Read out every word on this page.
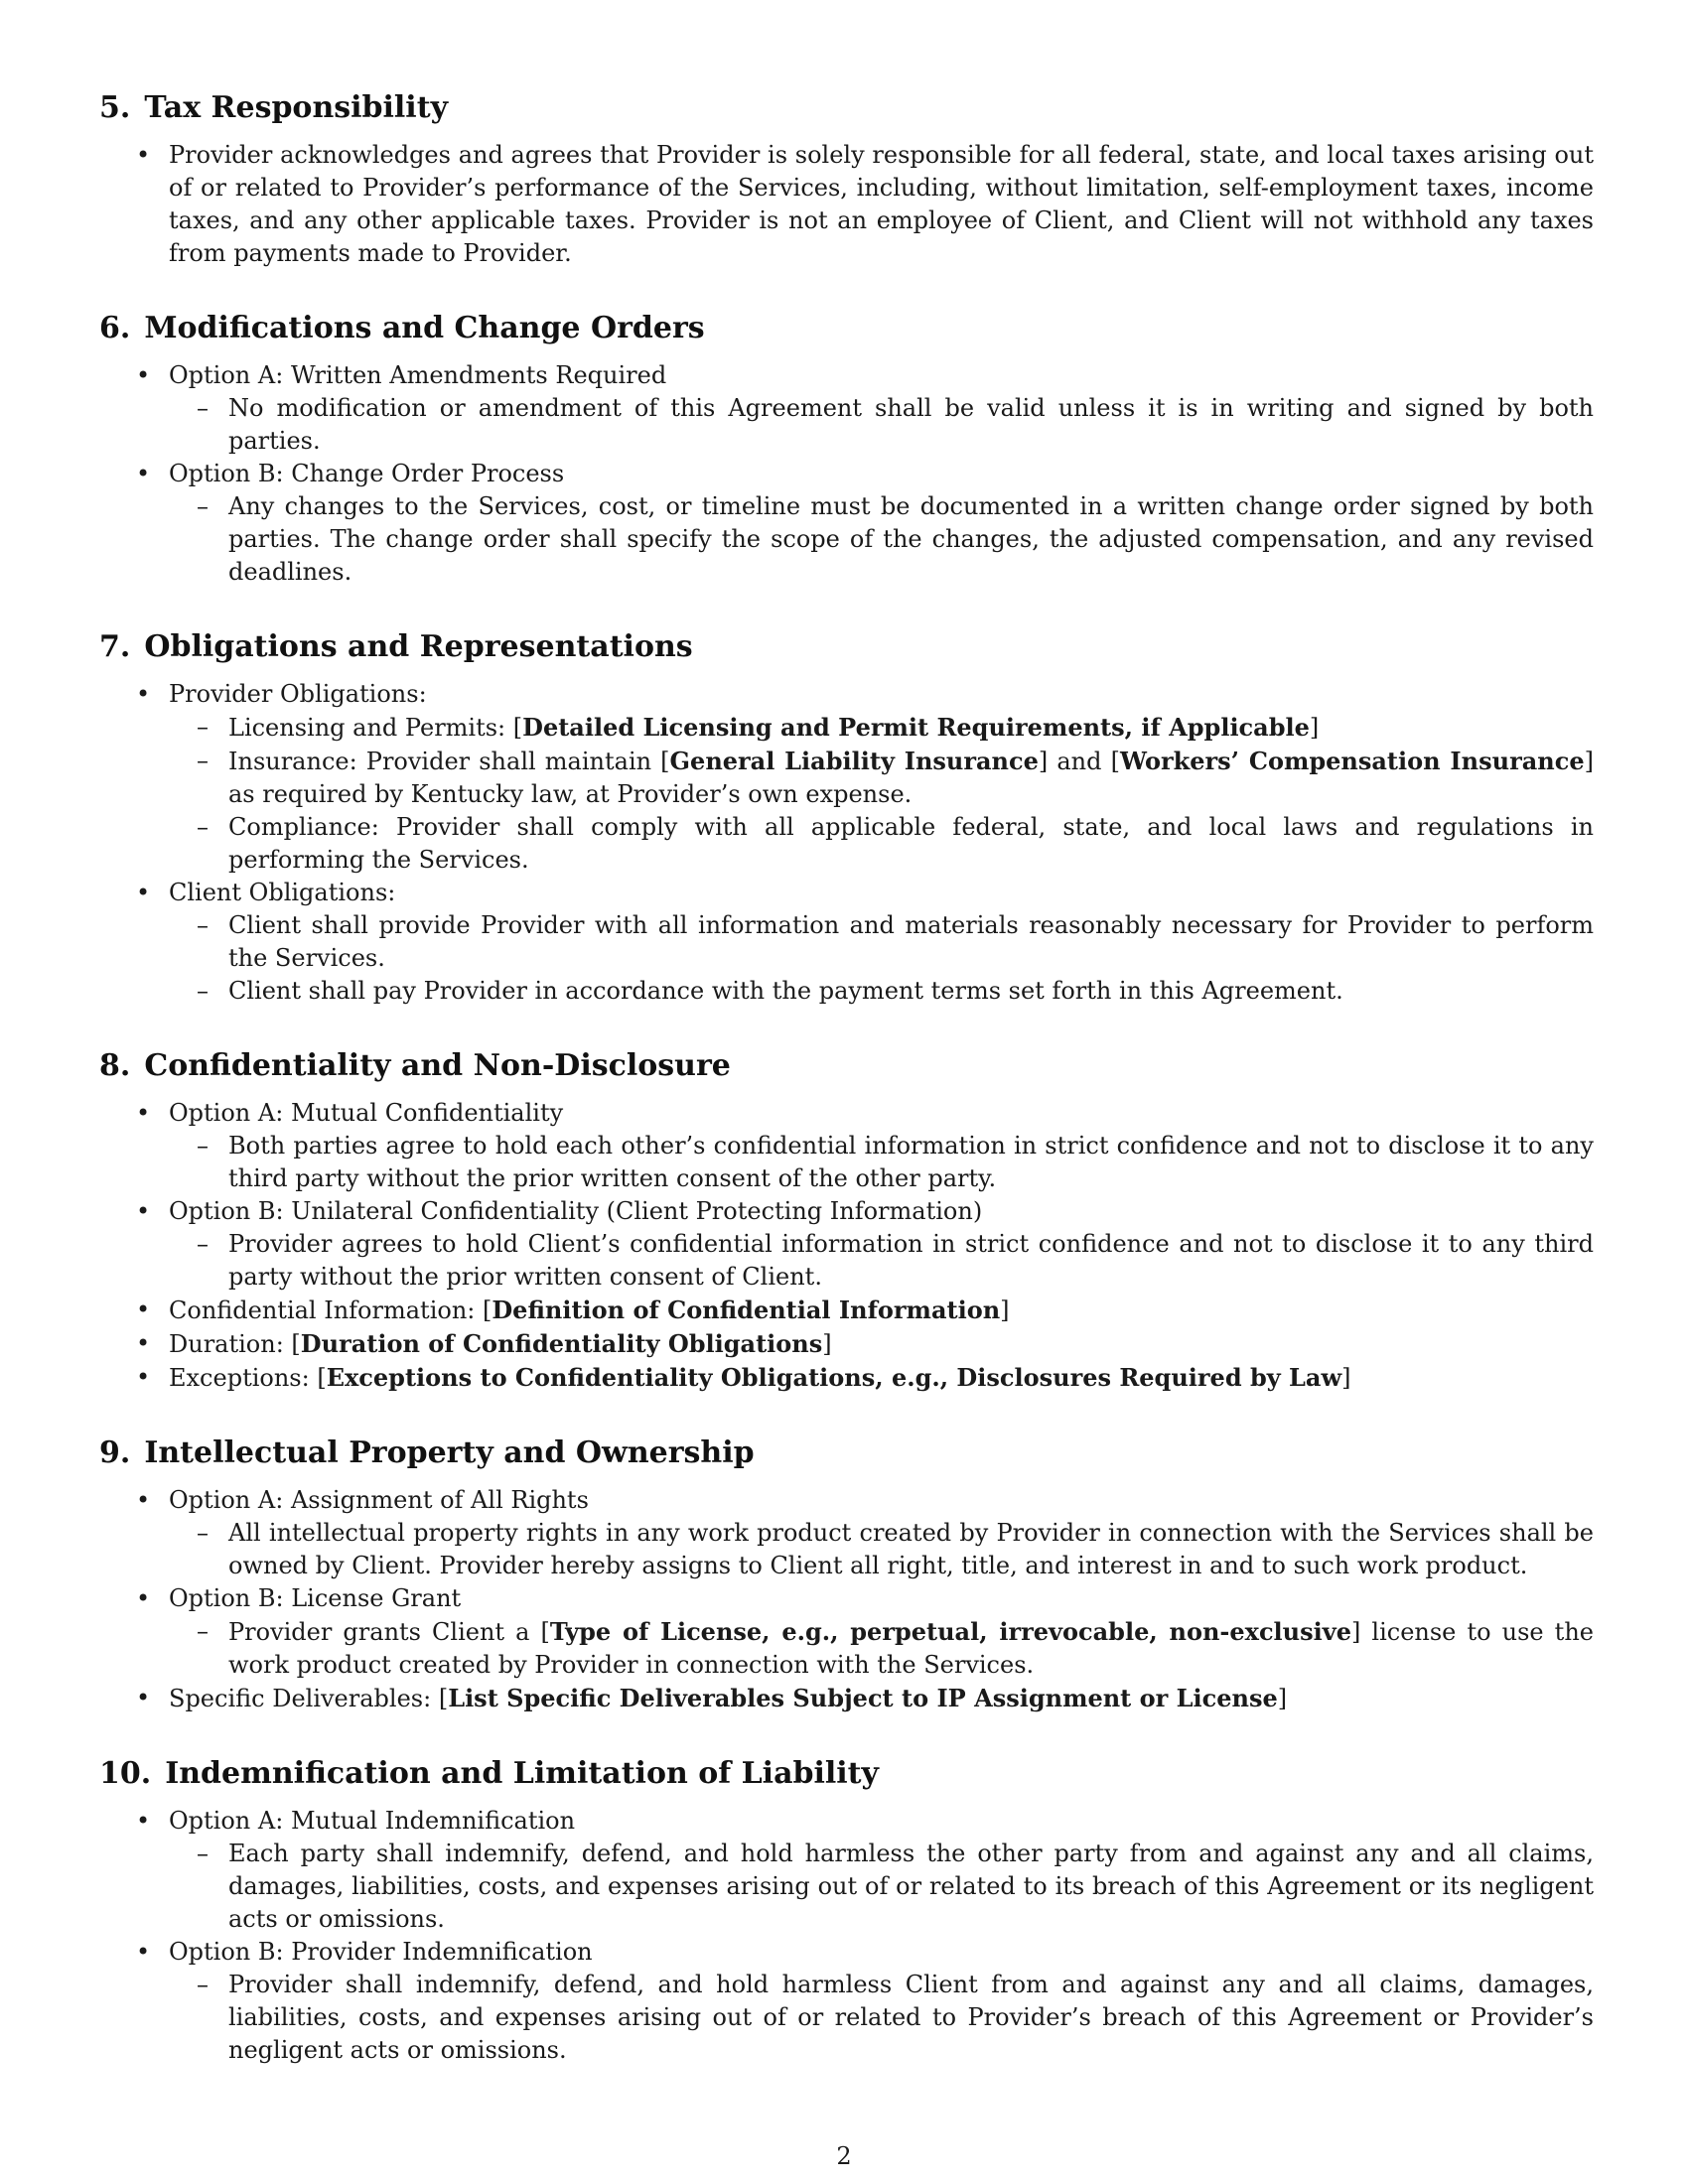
5. Tax Responsibility
• Provider acknowledges and agrees that Provider is solely responsible for all federal, state, and local taxes arising out of or related to Provider’s performance of the Services, including, without limitation, self-employment taxes, income taxes, and any other applicable taxes. Provider is not an employee of Client, and Client will not withhold any taxes from payments made to Provider.
6. Modifications and Change Orders
• Option A: Written Amendments Required
– No modification or amendment of this Agreement shall be valid unless it is in writing and signed by both parties.
• Option B: Change Order Process
– Any changes to the Services, cost, or timeline must be documented in a written change order signed by both parties. The change order shall specify the scope of the changes, the adjusted compensation, and any revised deadlines.
7. Obligations and Representations
• Provider Obligations:
– Licensing and Permits: [Detailed Licensing and Permit Requirements, if Applicable]
– Insurance: Provider shall maintain [General Liability Insurance] and [Workers’ Compensation Insurance] as required by Kentucky law, at Provider’s own expense.
– Compliance: Provider shall comply with all applicable federal, state, and local laws and regulations in performing the Services.
• Client Obligations:
– Client shall provide Provider with all information and materials reasonably necessary for Provider to perform the Services.
– Client shall pay Provider in accordance with the payment terms set forth in this Agreement.
8. Confidentiality and Non-Disclosure
• Option A: Mutual Confidentiality
– Both parties agree to hold each other’s confidential information in strict confidence and not to disclose it to any third party without the prior written consent of the other party.
• Option B: Unilateral Confidentiality (Client Protecting Information)
– Provider agrees to hold Client’s confidential information in strict confidence and not to disclose it to any third party without the prior written consent of Client.
• Confidential Information: [Definition of Confidential Information]
• Duration: [Duration of Confidentiality Obligations]
• Exceptions: [Exceptions to Confidentiality Obligations, e.g., Disclosures Required by Law]
9. Intellectual Property and Ownership
• Option A: Assignment of All Rights
– All intellectual property rights in any work product created by Provider in connection with the Services shall be owned by Client. Provider hereby assigns to Client all right, title, and interest in and to such work product.
• Option B: License Grant
– Provider grants Client a [Type of License, e.g., perpetual, irrevocable, non-exclusive] license to use the work product created by Provider in connection with the Services.
• Specific Deliverables: [List Specific Deliverables Subject to IP Assignment or License]
10. Indemnification and Limitation of Liability
• Option A: Mutual Indemnification
– Each party shall indemnify, defend, and hold harmless the other party from and against any and all claims, damages, liabilities, costs, and expenses arising out of or related to its breach of this Agreement or its negligent acts or omissions.
• Option B: Provider Indemnification
– Provider shall indemnify, defend, and hold harmless Client from and against any and all claims, damages, liabilities, costs, and expenses arising out of or related to Provider’s breach of this Agreement or Provider’s negligent acts or omissions.
2
